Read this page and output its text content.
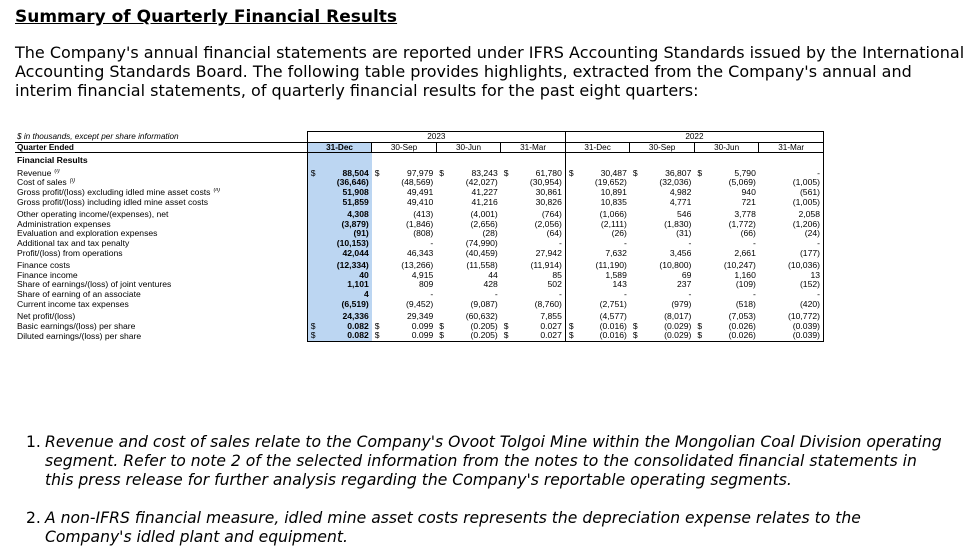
Summary of Quarterly Financial Results
The Company's annual financial statements are reported under IFRS Accounting Standards issued by the International Accounting Standards Board. The following table provides highlights, extracted from the Company's annual and interim financial statements, of quarterly financial results for the past eight quarters:
$ in thousands, except per share information	2023								2022							
Quarter Ended	31-Dec		30-Sep		30-Jun		31-Mar		31-Dec		30-Sep		30-Jun		31-Mar	
Financial Results																
Revenue $^{(i)}$	$	88,504	$	97,979	$	83,243	$	61,780	$	30,487	$	36,807	$	5,790		-
Cost of sales $^{(i)}$		(36,646)		(48,569)		(42,027)		(30,954)		(19,652)		(32,036)		(5,069)		(1,005)
Gross profit/(loss) excluding idled mine asset costs $^{(ii)}$		51,908		49,491		41,227		30,861		10,891		4,982		940		(561)
Gross profit/(loss) including idled mine asset costs		51,859		49,410		41,216		30,826		10,835		4,771		721		(1,005)

Other operating income/(expenses), net		4,308		(413)		(4,001)		(764)		(1,066)		546		3,778		2,058
Administration expenses		(3,879)		(1,846)		(2,656)		(2,056)		(2,111)		(1,830)		(1,772)		(1,206)
Evaluation and exploration expenses		(91)		(808)		(28)		(64)		(26)		(31)		(66)		(24)
Additional tax and tax penalty		(10,153)		-		(74,990)		-		-		-		-		-
Profit/(loss) from operations		42,044		46,343		(40,459)		27,942		7,632		3,456		2,661		(177)

Finance costs		(12,334)		(13,266)		(11,558)		(11,914)		(11,190)		(10,800)		(10,247)		(10,036)
Finance income		40		4,915		44		85		1,589		69		1,160		13
Share of earnings/(loss) of joint ventures		1,101		809		428		502		143		237		(109)		(152)
Share of earning of an associate		4		-		-		-		-		-		-		-
Current income tax expenses		(6,519)		(9,452)		(9,087)		(8,760)		(2,751)		(979)		(518)		(420)

Net profit/(loss)		24,336		29,349		(60,632)		7,855		(4,577)		(8,017)		(7,053)		(10,772)
Basic earnings/(loss) per share	$	0.082	$	0.099	$	(0.205)	$	0.027	$	(0.016)	$	(0.029)	$	(0.026)		(0.039)
Diluted earnings/(loss) per share	$	0.082	$	0.099	$	(0.205)	$	0.027	$	(0.016)	$	(0.029)	$	(0.026)		(0.039)
1. Revenue and cost of sales relate to the Company's Ovoot Tolgoi Mine within the Mongolian Coal Division operating segment. Refer to note 2 of the selected information from the notes to the consolidated financial statements in this press release for further analysis regarding the Company's reportable operating segments.
2. A non-IFRS financial measure, idled mine asset costs represents the depreciation expense relates to the Company's idled plant and equipment.
